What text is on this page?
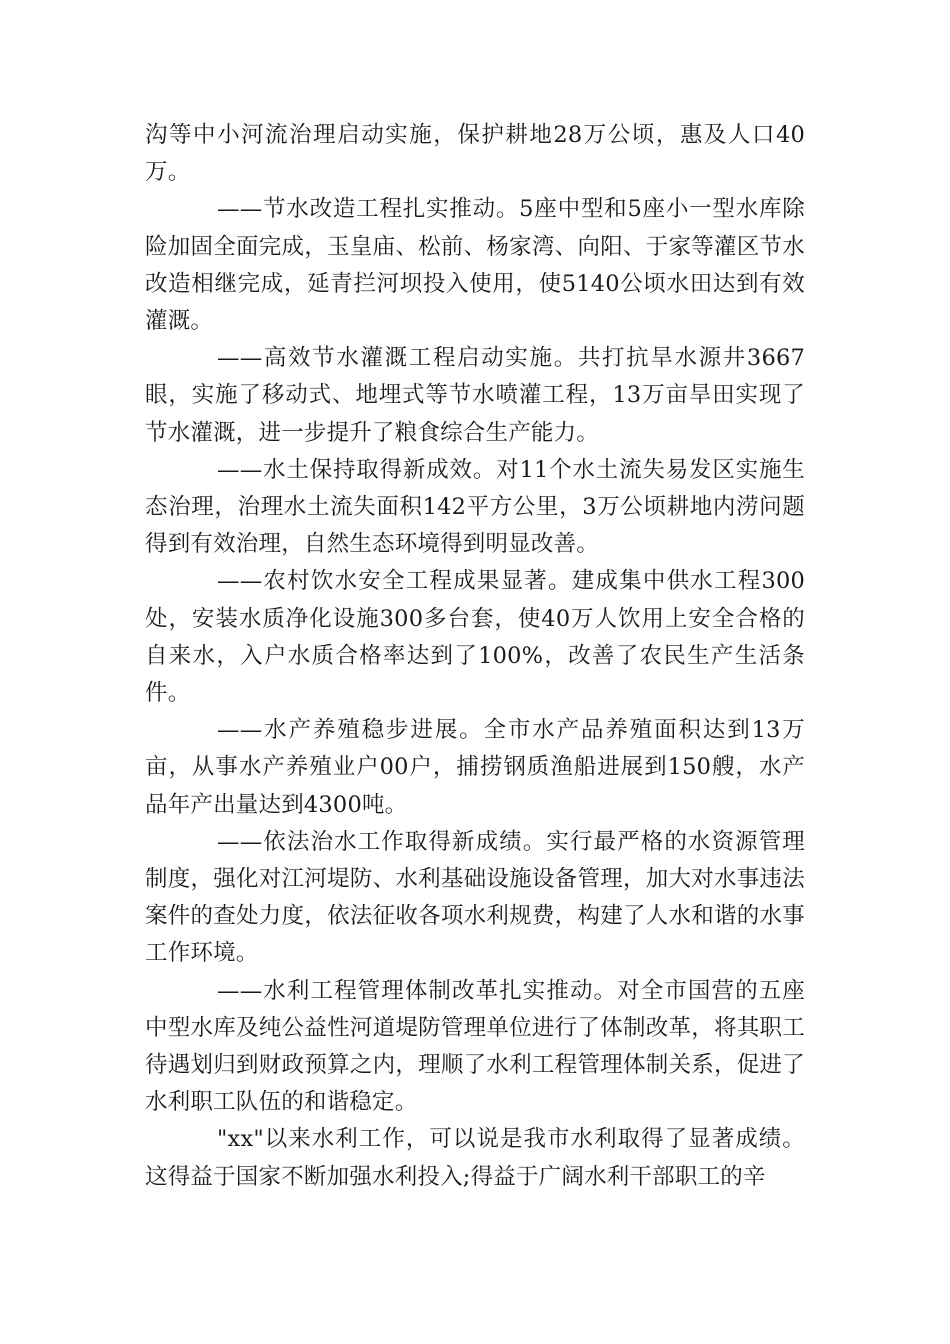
沟等中小河流治理启动实施，保护耕地28万公顷，惠及人口40万。

——节水改造工程扎实推动。5座中型和5座小一型水库除险加固全面完成，玉皇庙、松前、杨家湾、向阳、于家等灌区节水改造相继完成，延青拦河坝投入使用，使5140公顷水田达到有效灌溉。

——高效节水灌溉工程启动实施。共打抗旱水源井3667眼，实施了移动式、地埋式等节水喷灌工程，13万亩旱田实现了节水灌溉，进一步提升了粮食综合生产能力。

——水土保持取得新成效。对11个水土流失易发区实施生态治理，治理水土流失面积142平方公里，3万公顷耕地内涝问题得到有效治理，自然生态环境得到明显改善。

——农村饮水安全工程成果显著。建成集中供水工程300处，安装水质净化设施300多台套，使40万人饮用上安全合格的自来水，入户水质合格率达到了100%，改善了农民生产生活条件。

——水产养殖稳步进展。全市水产品养殖面积达到13万亩，从事水产养殖业户00户，捕捞钢质渔船进展到150艘，水产品年产出量达到4300吨。

——依法治水工作取得新成绩。实行最严格的水资源管理制度，强化对江河堤防、水利基础设施设备管理，加大对水事违法案件的查处力度，依法征收各项水利规费，构建了人水和谐的水事工作环境。

——水利工程管理体制改革扎实推动。对全市国营的五座中型水库及纯公益性河道堤防管理单位进行了体制改革，将其职工待遇划归到财政预算之内，理顺了水利工程管理体制关系，促进了水利职工队伍的和谐稳定。

"xx"以来水利工作，可以说是我市水利取得了显著成绩。这得益于国家不断加强水利投入;得益于广阔水利干部职工的辛
